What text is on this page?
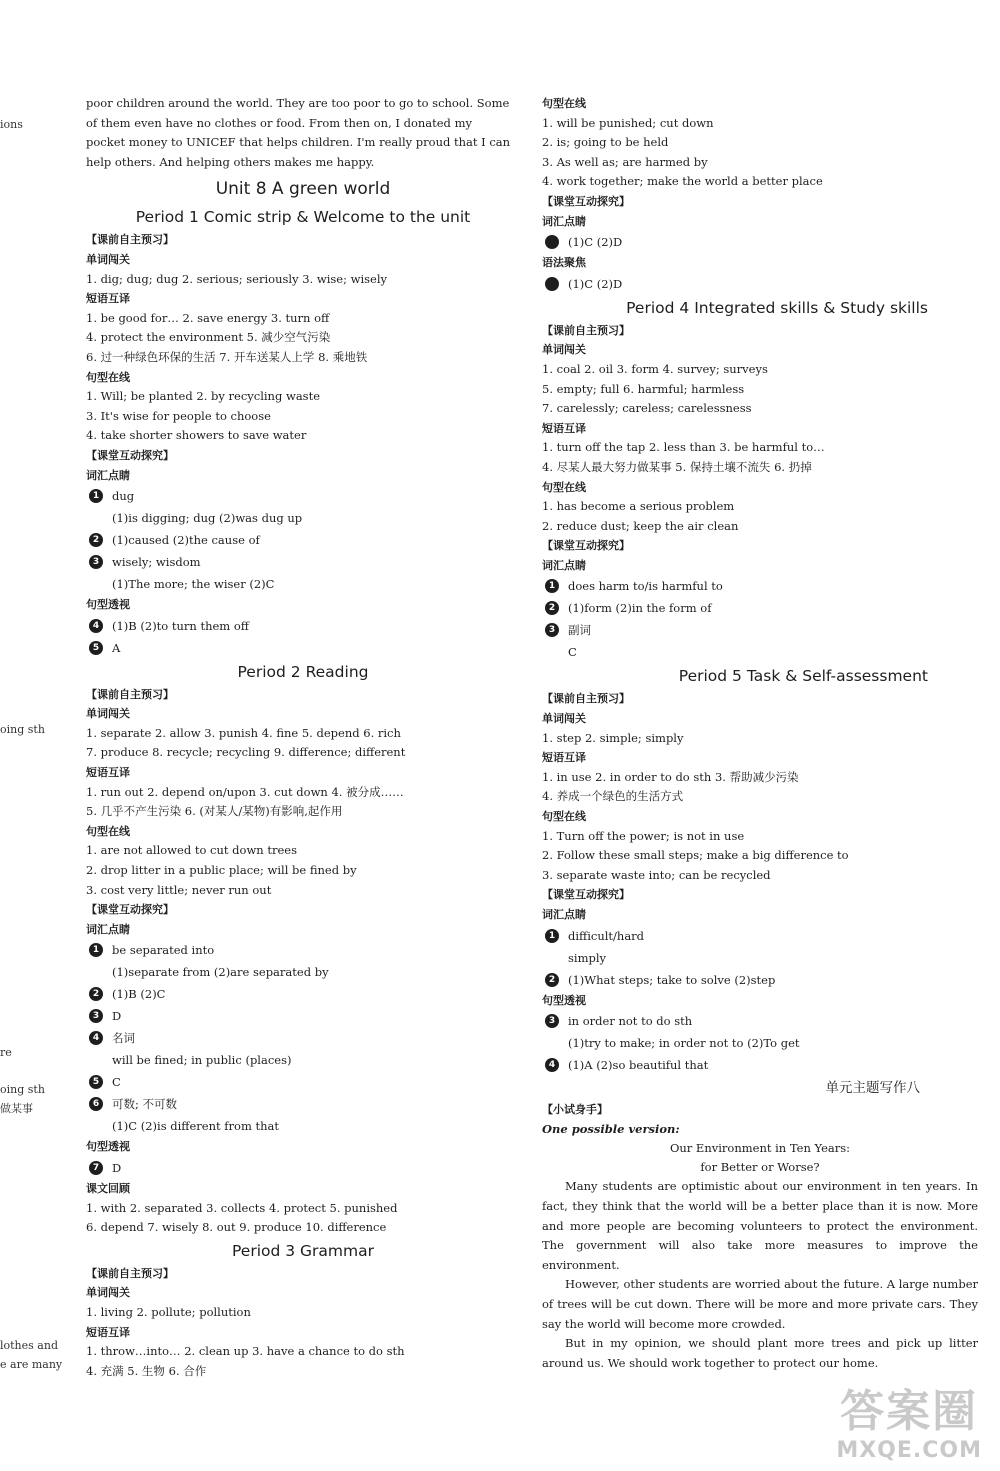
ions
oing sth
re
oing sth
做某事
lothes and
e are many
poor children around the world. They are too poor to go to school. Some
of them even have no clothes or food. From then on, I donated my
pocket money to UNICEF that helps children. I'm really proud that I can
help others. And helping others makes me happy.
Unit 8 A green world
Period 1 Comic strip & Welcome to the unit
【课前自主预习】
单词闯关
1. dig; dug; dug 2. serious; seriously 3. wise; wisely
短语互译
1. be good for… 2. save energy 3. turn off
4. protect the environment 5. 减少空气污染
6. 过一种绿色环保的生活 7. 开车送某人上学 8. 乘地铁
句型在线
1. Will; be planted 2. by recycling waste
3. It's wise for people to choose
4. take shorter showers to save water
【课堂互动探究】
词汇点睛
1	dug
(1)is digging; dug (2)was dug up
2	(1)caused (2)the cause of
3	wisely; wisdom
(1)The more; the wiser (2)C
句型透视
4	(1)B (2)to turn them off
5	A
Period 2 Reading
【课前自主预习】
单词闯关
1. separate 2. allow 3. punish 4. fine 5. depend 6. rich
7. produce 8. recycle; recycling 9. difference; different
短语互译
1. run out 2. depend on/upon 3. cut down 4. 被分成……
5. 几乎不产生污染 6. (对某人/某物)有影响,起作用
句型在线
1. are not allowed to cut down trees
2. drop litter in a public place; will be fined by
3. cost very little; never run out
【课堂互动探究】
词汇点睛
1	be separated into
(1)separate from (2)are separated by
2	(1)B (2)C
3	D
4	名词
will be fined; in public (places)
5	C
6	可数; 不可数
(1)C (2)is different from that
句型透视
7	D
课文回顾
1. with 2. separated 3. collects 4. protect 5. punished
6. depend 7. wisely 8. out 9. produce 10. difference
Period 3 Grammar
【课前自主预习】
单词闯关
1. living 2. pollute; pollution
短语互译
1. throw…into… 2. clean up 3. have a chance to do sth
4. 充满 5. 生物 6. 合作
句型在线
1. will be punished; cut down
2. is; going to be held
3. As well as; are harmed by
4. work together; make the world a better place
【课堂互动探究】
词汇点睛
(1)C (2)D
语法聚焦
(1)C (2)D
Period 4 Integrated skills & Study skills
【课前自主预习】
单词闯关
1. coal 2. oil 3. form 4. survey; surveys
5. empty; full 6. harmful; harmless
7. carelessly; careless; carelessness
短语互译
1. turn off the tap 2. less than 3. be harmful to…
4. 尽某人最大努力做某事 5. 保持土壤不流失 6. 扔掉
句型在线
1. has become a serious problem
2. reduce dust; keep the air clean
【课堂互动探究】
词汇点睛
1	does harm to/is harmful to
2	(1)form (2)in the form of
3	副词
C
Period 5 Task & Self-assessment
【课前自主预习】
单词闯关
1. step 2. simple; simply
短语互译
1. in use 2. in order to do sth 3. 帮助减少污染
4. 养成一个绿色的生活方式
句型在线
1. Turn off the power; is not in use
2. Follow these small steps; make a big difference to
3. separate waste into; can be recycled
【课堂互动探究】
词汇点睛
1	difficult/hard
simply
2	(1)What steps; take to solve (2)step
句型透视
3	in order not to do sth
(1)try to make; in order not to (2)To get
4	(1)A (2)so beautiful that
单元主题写作八
【小试身手】
One possible version:
Our Environment in Ten Years:
for Better or Worse?
Many students are optimistic about our environment in ten years. In fact, they think that the world will be a better place than it is now. More and more people are becoming volunteers to protect the environment. The government will also take more measures to improve the environment.
However, other students are worried about the future. A large number of trees will be cut down. There will be more and more private cars. They say the world will become more crowded.
But in my opinion, we should plant more trees and pick up litter around us. We should work together to protect our home.
答案圈
MXQE.COM
